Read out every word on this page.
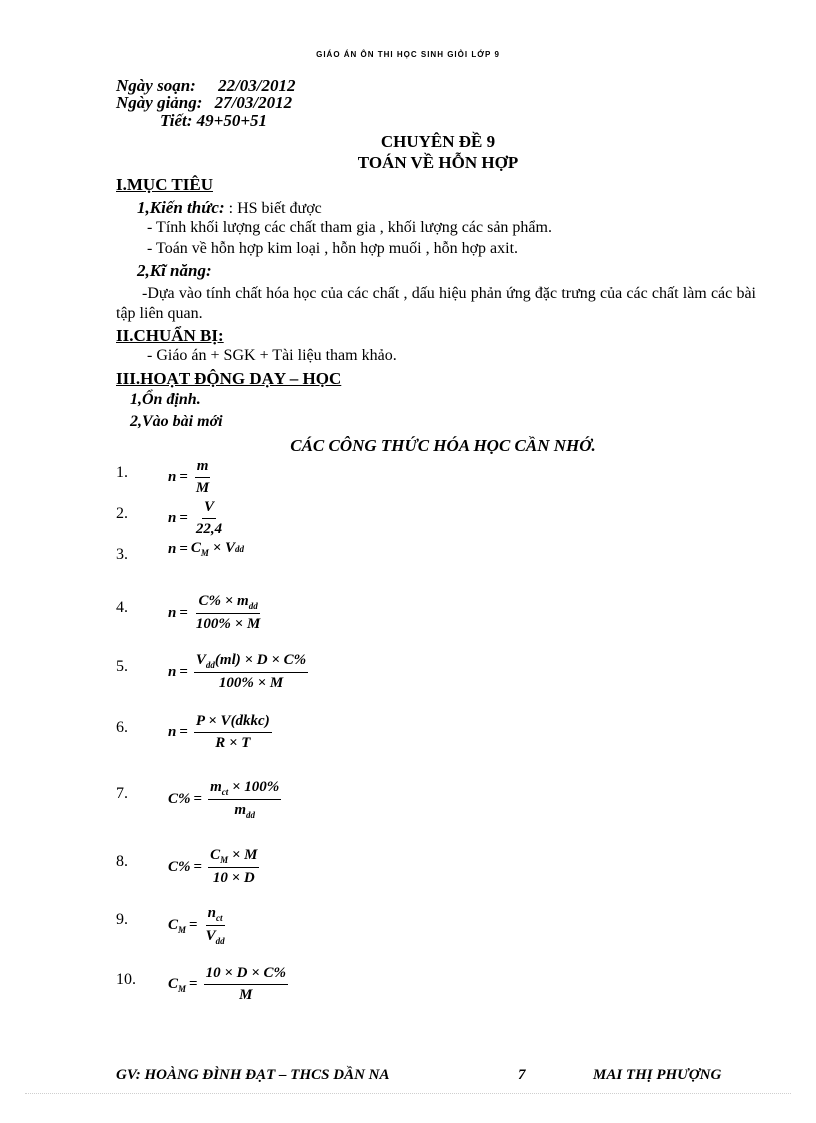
GIÁO ÁN ÔN THI HỌC SINH GIỎI LỚP 9
Ngày soạn: 22/03/2012
Ngày giảng: 27/03/2012
Tiết: 49+50+51
CHUYÊN ĐỀ 9
TOÁN VỀ HỖN HỢP
I.MỤC TIÊU
1,Kiến thức: : HS biết được
- Tính khối lượng các chất tham gia , khối lượng các sản phẩm.
- Toán về hỗn hợp kim loại , hỗn hợp muối , hỗn hợp axit.
2,Kĩ năng:
-Dựa vào tính chất hóa học của các chất , dấu hiệu phản ứng đặc trưng của các chất làm các bài tập liên quan.
II.CHUẨN BỊ:
- Giáo án + SGK + Tài liệu tham khảo.
III.HOẠT ĐỘNG DẠY – HỌC
1,Ổn định.
2,Vào bài mới
CÁC CÔNG THỨC HÓA HỌC CẦN NHỚ.
1.	$n = \frac{m}{M}$
2.	$n = \frac{V}{22,4}$
3.	$n = C_M \times V$ dd
4.	$n = \frac{C\% \times m_{dd}}{100\% \times M}$
5.	$n = \frac{V_{dd}(ml) \times D \times C\%}{100\% \times M}$
6.	$n = \frac{\text{P × V(dkkc)}}{R \times T}$
7.	$C\% = \frac{m_{ct} \times 100\%}{m_{dd}}$
8.	$C\% = \frac{C_M \times M}{10 \times D}$
9.	$C_M = \frac{n_{ct}}{V_{dd}}$
10. $C_M = \frac{10 \times D \times C\%}{M}$
GV: HOÀNG ĐÌNH ĐẠT – THCS DẦN NA	7	MAI THỊ PHƯỢNG
